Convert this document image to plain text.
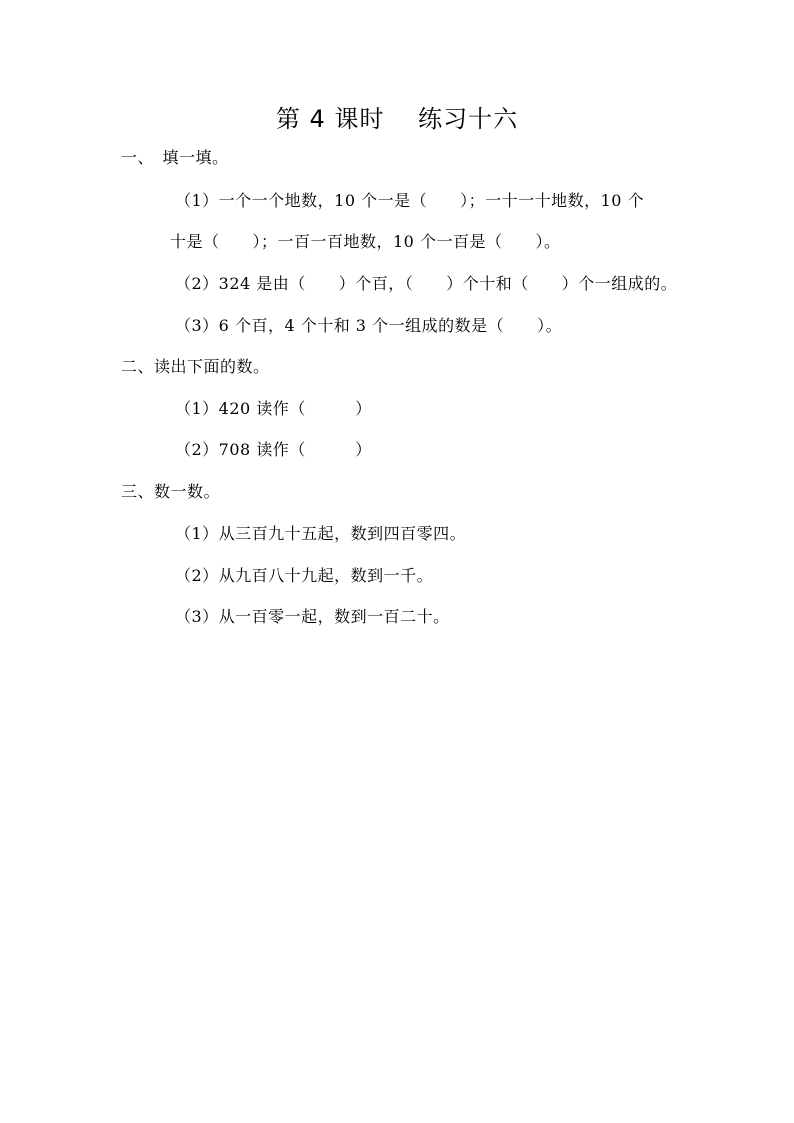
第 4 课时　 练习十六
一、　填一填。
（1）一个一个地数，10 个一是（　　）；一十一十地数，10 个
十是（　　）；一百一百地数，10 个一百是（　　）。
（2）324 是由（　　）个百，（　　）个十和（　　）个一组成的。
（3）6 个百，4 个十和 3 个一组成的数是（　　）。
二、读出下面的数。
（1）420 读作（　　　）
（2）708 读作（　　　）
三、数一数。
（1）从三百九十五起，数到四百零四。
（2）从九百八十九起，数到一千。
（3）从一百零一起，数到一百二十。
